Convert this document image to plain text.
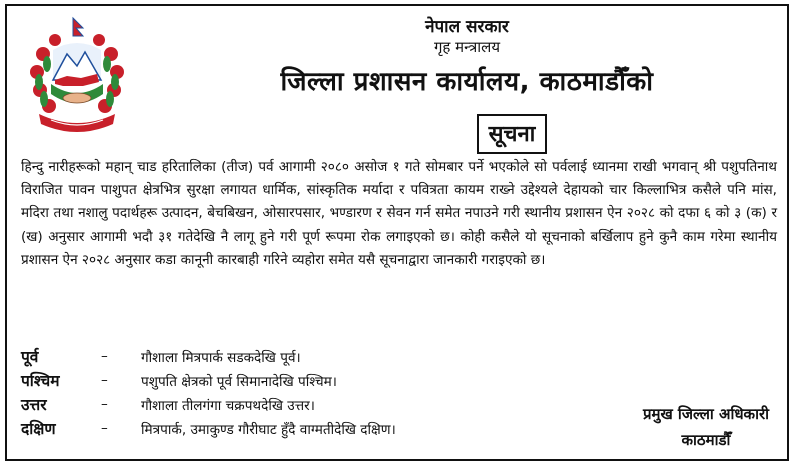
नेपाल सरकार
गृह मन्त्रालय
जिल्ला प्रशासन कार्यालय, काठमाडौँको
सूचना
हिन्दु नारीहरूको महान् चाड हरितालिका (तीज) पर्व आगामी २०८० असोज १ गते सोमबार पर्ने भएकोले सो पर्वलाई ध्यानमा राखी भगवान् श्री पशुपतिनाथ विराजित पावन पाशुपत क्षेत्रभित्र सुरक्षा लगायत धार्मिक, सांस्कृतिक मर्यादा र पवित्रता कायम राख्ने उद्देश्यले देहायको चार किल्लाभित्र कसैले पनि मांस, मदिरा तथा नशालु पदार्थहरू उत्पादन, बेचबिखन, ओसारपसार, भण्डारण र सेवन गर्न समेत नपाउने गरी स्थानीय प्रशासन ऐन २०२८ को दफा ६ को ३ (क) र (ख) अनुसार आगामी भदौ ३१ गतेदेखि नै लागू हुने गरी पूर्ण रूपमा रोक लगाइएको छ। कोही कसैले यो सूचनाको बर्खिलाप हुने कुनै काम गरेमा स्थानीय प्रशासन ऐन २०२८ अनुसार कडा कानूनी कारबाही गरिने व्यहोरा समेत यसै सूचनाद्वारा जानकारी गराइएको छ।
पूर्व	–	गौशाला मित्रपार्क सडकदेखि पूर्व।
पश्चिम	–	पशुपति क्षेत्रको पूर्व सिमानादेखि पश्चिम।
उत्तर	–	गौशाला तीलगंगा चक्रपथदेखि उत्तर।
दक्षिण	–	मित्रपार्क, उमाकुण्ड गौरीघाट हुँदै वाग्मतीदेखि दक्षिण।
प्रमुख जिल्ला अधिकारी
काठमाडौँ
